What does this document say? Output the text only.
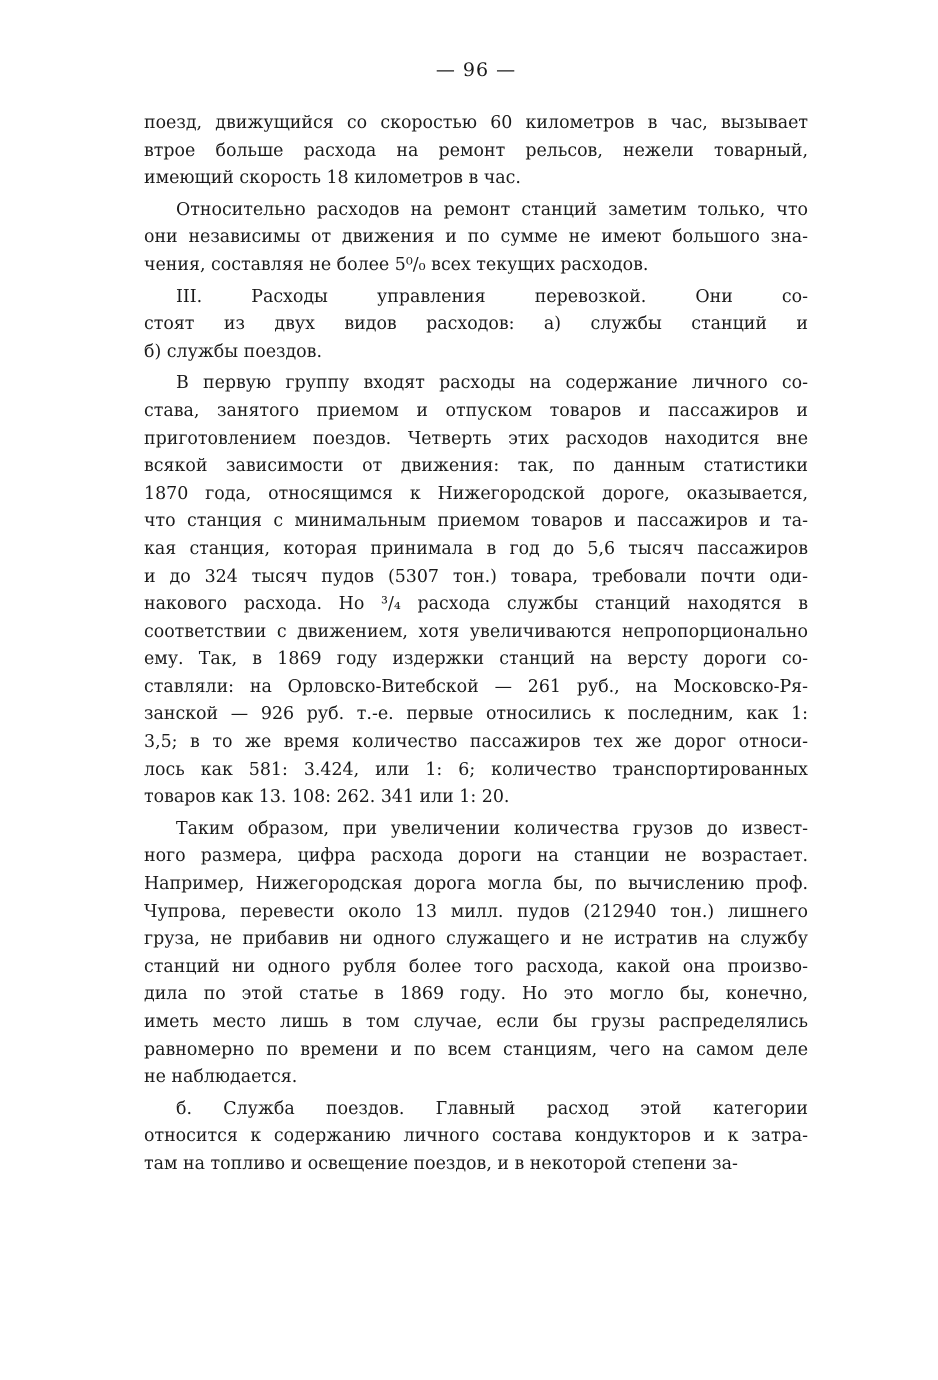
— 96 —
поезд, движущийся со скоростью 60 километров в час, вызывает
втрое больше расхода на ремонт рельсов, нежели товарный,
имеющий скорость 18 километров в час.
Относительно расходов на ремонт станций заметим только, что
они независимы от движения и по сумме не имеют большого зна-
чения, составляя не более 5⁰/₀ всех текущих расходов.
III. Расходы управления перевозкой. Они со-
стоят из двух видов расходов: а) службы станций и
б) службы поездов.
В первую группу входят расходы на содержание личного со-
става, занятого приемом и отпуском товаров и пассажиров и
приготовлением поездов. Четверть этих расходов находится вне
всякой зависимости от движения: так, по данным статистики
1870 года, относящимся к Нижегородской дороге, оказывается,
что станция с минимальным приемом товаров и пассажиров и та-
кая станция, которая принимала в год до 5,6 тысяч пассажиров
и до 324 тысяч пудов (5307 тон.) товара, требовали почти оди-
накового расхода. Но ³/₄ расхода службы станций находятся в
соответствии с движением, хотя увеличиваются непропорционально
ему. Так, в 1869 году издержки станций на версту дороги со-
ставляли: на Орловско-Витебской — 261 руб., на Московско-Ря-
занской — 926 руб. т.-е. первые относились к последним, как 1:
3,5; в то же время количество пассажиров тех же дорог относи-
лось как 581: 3.424, или 1: 6; количество транспортированных
товаров как 13. 108: 262. 341 или 1: 20.
Таким образом, при увеличении количества грузов до извест-
ного размера, цифра расхода дороги на станции не возрастает.
Например, Нижегородская дорога могла бы, по вычислению проф.
Чупрова, перевести около 13 милл. пудов (212940 тон.) лишнего
груза, не прибавив ни одного служащего и не истратив на службу
станций ни одного рубля более того расхода, какой она произво-
дила по этой статье в 1869 году. Но это могло бы, конечно,
иметь место лишь в том случае, если бы грузы распределялись
равномерно по времени и по всем станциям, чего на самом деле
не наблюдается.
б. Служба поездов. Главный расход этой категории
относится к содержанию личного состава кондукторов и к затра-
там на топливо и освещение поездов, и в некоторой степени за-
